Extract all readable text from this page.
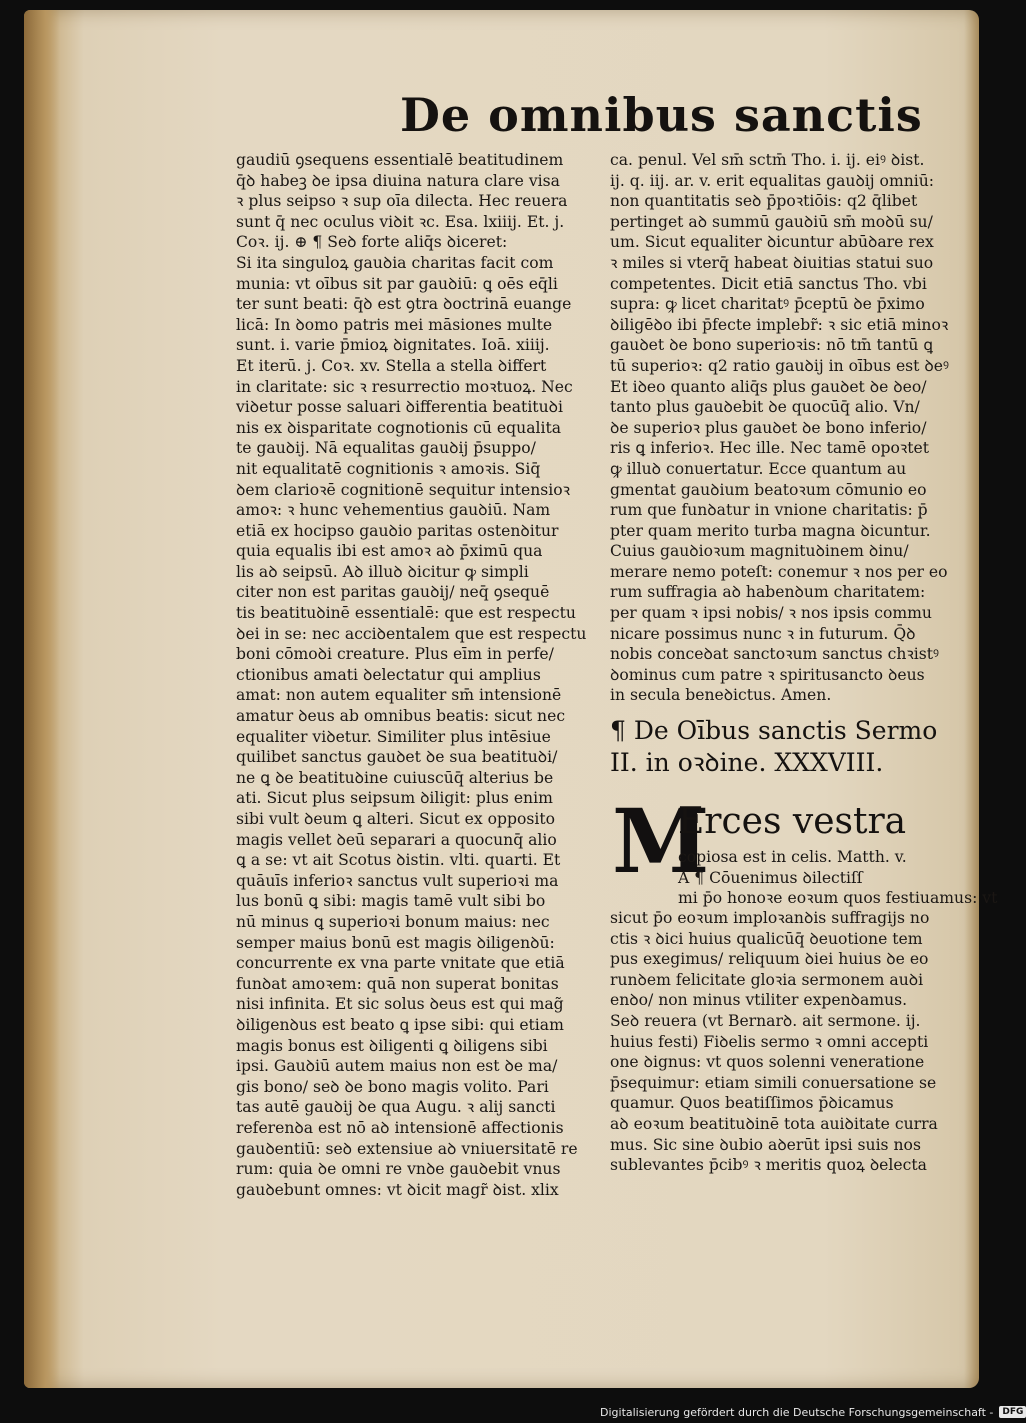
De omnibus sanctis
gaudiū ꝯsequens essentialē beatitudinem
q̄ꝺ habeꝫ ꝺe ipsa diuina natura clare visa
ꝛ plus seipso ꝛ sup oīa dilecta. Hec reuera
sunt q̄ nec oculus viꝺit ꝛc. Esa. lxiiij. Et. j.
Coꝛ. ij. ⊕ ¶ Seꝺ forte aliq̄s ꝺiceret:
Si ita singuloꝝ gauꝺia charitas facit com
munia: vt oībus sit par gauꝺiū: ꝗ oēs eq̄li
ter sunt beati: q̄ꝺ est ꝯtra ꝺoctrinā euange
licā: In ꝺomo patris mei māsiones multe
sunt. i. varie p̄mioꝝ ꝺignitates. Ioā. xiiij.
Et iterū. j. Coꝛ. xv. Stella a stella ꝺiffert
in claritate: sic ꝛ resurrectio moꝛtuoꝝ. Nec
viꝺetur posse saluari ꝺifferentia beatituꝺi
nis ex ꝺisparitate cognotionis cū equalita
te gauꝺij. Nā equalitas gauꝺij p̄suppo/
nit equalitatē cognitionis ꝛ amoꝛis. Siq̄
ꝺem clarioꝛē cognitionē sequitur intensioꝛ
amoꝛ: ꝛ hunc vehementius gauꝺiū. Nam
etiā ex hocipso gauꝺio paritas ostenꝺitur
quia equalis ibi est amoꝛ aꝺ p̄ximū qua
lis aꝺ seipsū. Aꝺ illuꝺ ꝺicitur ꝙ simpli
citer non est paritas gauꝺij/ neq̄ ꝯsequē
tis beatituꝺinē essentialē: que est respectu
ꝺei in se: nec acciꝺentalem que est respectu
boni cōmoꝺi creature. Plus eīm in perfe/
ctionibus amati ꝺelectatur qui amplius
amat: non autem equaliter sm̄ intensionē
amatur ꝺeus ab omnibus beatis: sicut nec
equaliter viꝺetur. Similiter plus intēsiue
quilibet sanctus gauꝺet ꝺe sua beatituꝺi/
ne ꝗ ꝺe beatituꝺine cuiuscūq̄ alterius be
ati. Sicut plus seipsum ꝺiligit: plus enim
sibi vult ꝺeum ꝗ alteri. Sicut ex opposito
magis vellet ꝺeū separari a quocunq̄ alio
ꝗ a se: vt ait Scotus ꝺistin. vlti. quarti. Et
quāuīs inferioꝛ sanctus vult superioꝛi ma
lus bonū ꝗ sibi: magis tamē vult sibi bo
nū minus ꝗ superioꝛi bonum maius: nec
semper maius bonū est magis ꝺiligenꝺū:
concurrente ex vna parte vnitate que etiā
funꝺat amoꝛem: quā non superat bonitas
nisi infinita. Et sic solus ꝺeus est qui mag̃
ꝺiligenꝺus est beato ꝗ ipse sibi: qui etiam
magis bonus est ꝺiligenti ꝗ ꝺiligens sibi
ipsi. Gauꝺiū autem maius non est ꝺe ma/
gis bono/ seꝺ ꝺe bono magis volito. Pari
tas autē gauꝺij ꝺe qua Augu. ꝛ alij sancti
referenꝺa est nō aꝺ intensionē affectionis
gauꝺentiū: seꝺ extensiue aꝺ vniuersitatē re
rum: quia ꝺe omni re vnꝺe gauꝺebit vnus
gauꝺebunt omnes: vt ꝺicit magr̃ ꝺist. xlix
ca. penul. Vel sm̄ sctm̄ Tho. i. ij. eiꝰ ꝺist.
ij. q. iij. ar. v. erit equalitas gauꝺij omniū:
non quantitatis seꝺ p̄poꝛtiōis: q2 q̄libet
pertinget aꝺ summū gauꝺiū sm̄ moꝺū su/
um. Sicut equaliter ꝺicuntur abūꝺare rex
ꝛ miles si vterq̄ habeat ꝺiuitias statui suo
competentes. Dicit etiā sanctus Tho. vbi
supra: ꝙ licet charitatꝰ p̄ceptū ꝺe p̄ximo
ꝺiligēꝺo ibi p̄fecte implebr̃: ꝛ sic etiā minoꝛ
gauꝺet ꝺe bono superioꝛis: nō tm̄ tantū ꝗ
tū superioꝛ: q2 ratio gauꝺij in oībus est ꝺeꝰ
Et iꝺeo quanto aliq̄s plus gauꝺet ꝺe ꝺeo/
tanto plus gauꝺebit ꝺe quocūq̄ alio. Vn/
ꝺe superioꝛ plus gauꝺet ꝺe bono inferio/
ris ꝗ inferioꝛ. Hec ille. Nec tamē opoꝛtet
ꝙ illuꝺ conuertatur. Ecce quantum au
gmentat gauꝺium beatoꝛum cōmunio eo
rum que funꝺatur in vnione charitatis: p̄
pter quam merito turba magna ꝺicuntur.
Cuius gauꝺioꝛum magnituꝺinem ꝺinu/
merare nemo poteſt: conemur ꝛ nos per eo
rum suffragia aꝺ habenꝺum charitatem:
per quam ꝛ ipsi nobis/ ꝛ nos ipsis commu
nicare possimus nunc ꝛ in futurum. Q̄ꝺ
nobis conceꝺat sanctoꝛum sanctus chꝛistꝰ
ꝺominus cum patre ꝛ spiritusancto ꝺeus
in secula beneꝺictus. Amen.
¶ De Oībus sanctis Sermo
II. in oꝛꝺine. XXXVIII.
M
Erces vestra
copiosa est in celis. Matth. v.
A ¶ Cōuenimus ꝺilectiſſ
mi p̄o honoꝛe eoꝛum quos festiuamus: vt
sicut p̄o eoꝛum imploꝛanꝺis suffragijs no
ctis ꝛ ꝺici huius qualicūq̄ ꝺeuotione tem
pus exegimus/ reliquum ꝺiei huius ꝺe eo
runꝺem felicitate gloꝛia sermonem auꝺi
enꝺo/ non minus vtiliter expenꝺamus.
Seꝺ reuera (vt Bernarꝺ. ait sermone. ij.
huius festi) Fiꝺelis sermo ꝛ omni accepti
one ꝺignus: vt quos solenni veneratione
p̄sequimur: etiam simili conuersatione se
quamur. Quos beatiſſimos p̄ꝺicamus
aꝺ eoꝛum beatituꝺinē tota auiꝺitate curra
mus. Sic sine ꝺubio aꝺerūt ipsi suis nos
sublevantes p̄cibꝰ ꝛ meritis quoꝝ ꝺelecta
Digitalisierung gefördert durch die Deutsche Forschungsgemeinschaft -	DFG
